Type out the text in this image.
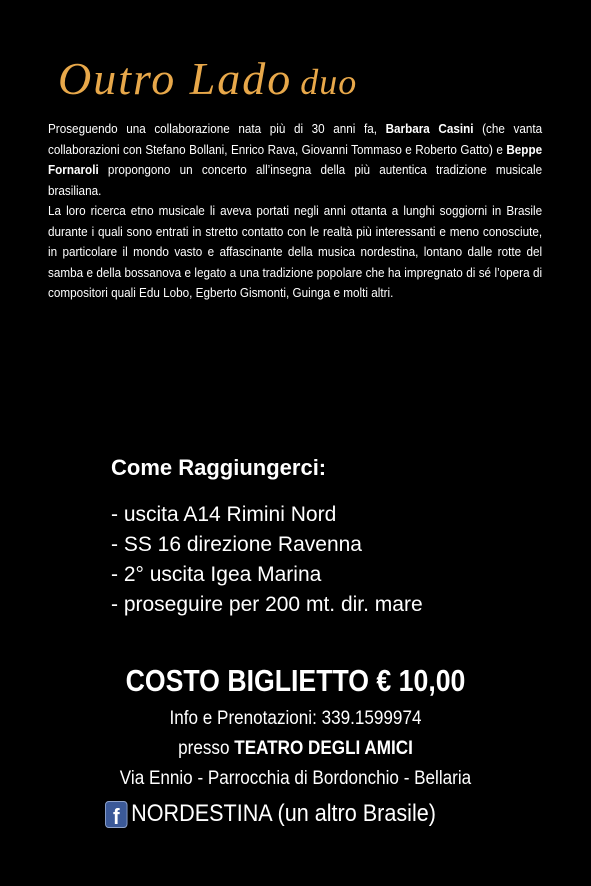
Outro Lado duo

Proseguendo una collaborazione nata più di 30 anni fa, Barbara Casini (che vanta collaborazioni con Stefano Bollani, Enrico Rava, Giovanni Tommaso e Roberto Gatto) e Beppe Fornaroli propongono un concerto all’insegna della più autentica tradizione musicale brasiliana.

La loro ricerca etno musicale li aveva portati negli anni ottanta a lunghi soggiorni in Brasile durante i quali sono entrati in stretto contatto con le realtà più interessanti e meno conosciute, in particolare il mondo vasto e affascinante della musica nordestina, lontano dalle rotte del samba e della bossanova e legato a una tradizione popolare che ha impregnato di sé l’opera di compositori quali Edu Lobo, Egberto Gismonti, Guinga e molti altri.

Come Raggiungerci:
- uscita A14 Rimini Nord
- SS 16 direzione Ravenna
- 2° uscita Igea Marina
- proseguire per 200 mt. dir. mare
COSTO BIGLIETTO € 10,00
Info e Prenotazioni: 339.1599974
presso TEATRO DEGLI AMICI
Via Ennio - Parrocchia di Bordonchio - Bellaria
f NORDESTINA (un altro Brasile)
